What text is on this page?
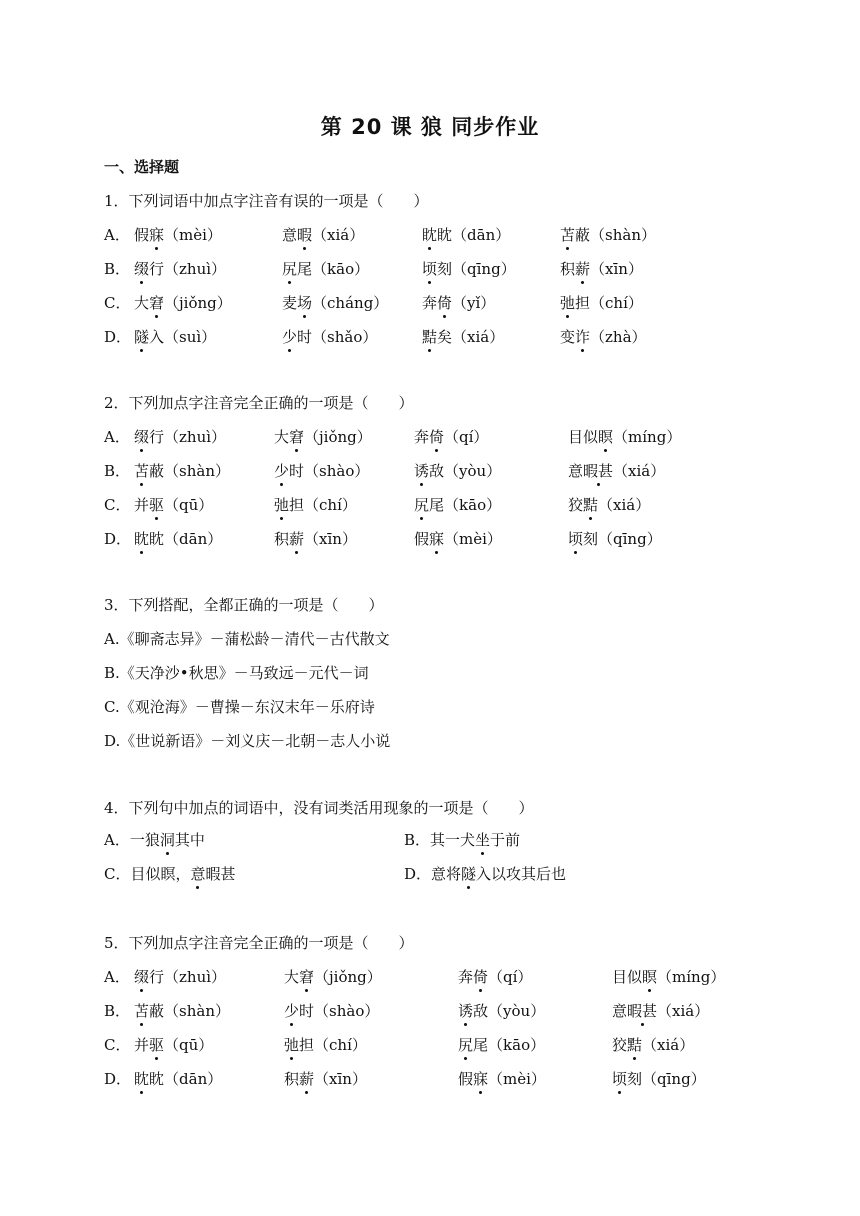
第 20 课 狼 同步作业
一、选择题
1．下列词语中加点字注音有误的一项是（　　）
A． 假寐（mèi）	意暇（xiá）	眈眈（dān）	苫蔽（shàn）
B． 缀行（zhuì）	尻尾（kāo）	顷刻（qīng）	积薪（xīn）
C． 大窘（jiǒng）	麦场（cháng） 奔倚（yǐ）	弛担（chí）
D． 隧入（suì）	少时（shǎo）	黠矣（xiá）	变诈（zhà）
2．下列加点字注音完全正确的一项是（　　）
A． 缀行（zhuì）	大窘（jiǒng）	奔倚（qí）	目似瞑（míng）
B． 苫蔽（shàn）	少时（shào）	诱敌（yòu）	意暇甚（xiá）
C． 并驱（qū）	弛担（chí）	尻尾（kāo）	狡黠（xiá）
D． 眈眈（dān）	积薪（xīn）	假寐（mèi）	顷刻（qīng）
3．下列搭配，全都正确的一项是（　　）
A.《聊斋志异》－蒲松龄－清代－古代散文
B.《天净沙•秋思》－马致远－元代－词
C.《观沧海》－曹操－东汉末年－乐府诗
D.《世说新语》－刘义庆－北朝－志人小说
4．下列句中加点的词语中，没有词类活用现象的一项是（　　）
A．一狼洞其中	B．其一犬坐于前
C．目似瞑，意暇甚	D．意将隧入以攻其后也
5．下列加点字注音完全正确的一项是（　　）
A． 缀行（zhuì）	大窘（jiǒng）	奔倚（qí）	目似瞑（míng）
B． 苫蔽（shàn）	少时（shào）	诱敌（yòu）	意暇甚（xiá）
C． 并驱（qū）	弛担（chí）	尻尾（kāo）	狡黠（xiá）
D． 眈眈（dān）	积薪（xīn）	假寐（mèi）	顷刻（qīng）
